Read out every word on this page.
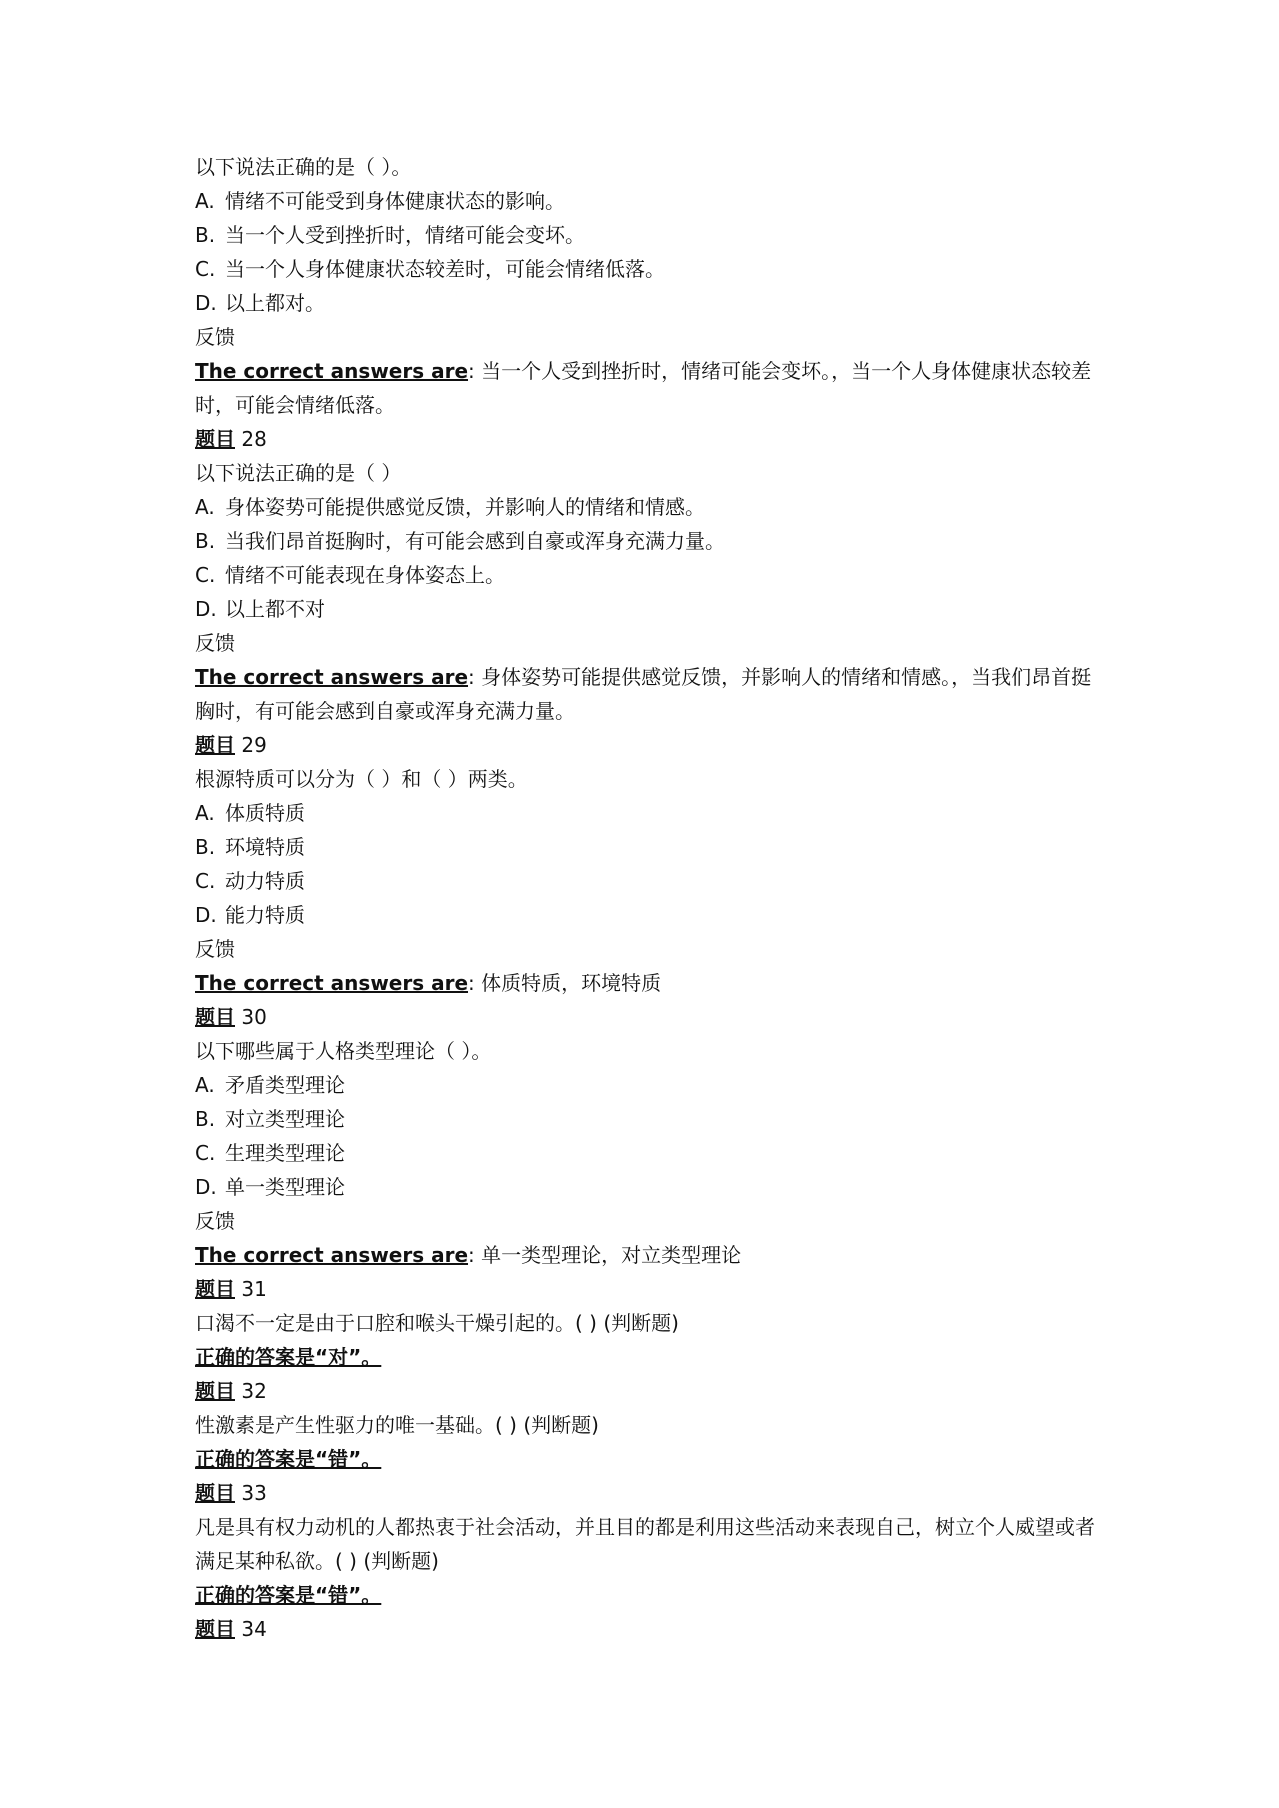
以下说法正确的是（ ）。
A. 情绪不可能受到身体健康状态的影响。
B. 当一个人受到挫折时，情绪可能会变坏。
C. 当一个人身体健康状态较差时，可能会情绪低落。
D. 以上都对。
反馈
The correct answers are: 当一个人受到挫折时，情绪可能会变坏。，当一个人身体健康状态较差时，可能会情绪低落。
题目 28
以下说法正确的是（ ）
A. 身体姿势可能提供感觉反馈，并影响人的情绪和情感。
B. 当我们昂首挺胸时，有可能会感到自豪或浑身充满力量。
C. 情绪不可能表现在身体姿态上。
D. 以上都不对
反馈
The correct answers are: 身体姿势可能提供感觉反馈，并影响人的情绪和情感。，当我们昂首挺胸时，有可能会感到自豪或浑身充满力量。
题目 29
根源特质可以分为（ ）和（ ）两类。
A. 体质特质
B. 环境特质
C. 动力特质
D. 能力特质
反馈
The correct answers are: 体质特质，环境特质
题目 30
以下哪些属于人格类型理论（ ）。
A. 矛盾类型理论
B. 对立类型理论
C. 生理类型理论
D. 单一类型理论
反馈
The correct answers are: 单一类型理论，对立类型理论
题目 31
口渴不一定是由于口腔和喉头干燥引起的。( ) (判断题)
正确的答案是“对”。
题目 32
性激素是产生性驱力的唯一基础。( ) (判断题)
正确的答案是“错”。
题目 33
凡是具有权力动机的人都热衷于社会活动，并且目的都是利用这些活动来表现自己，树立个人威望或者满足某种私欲。( ) (判断题)
正确的答案是“错”。
题目 34
